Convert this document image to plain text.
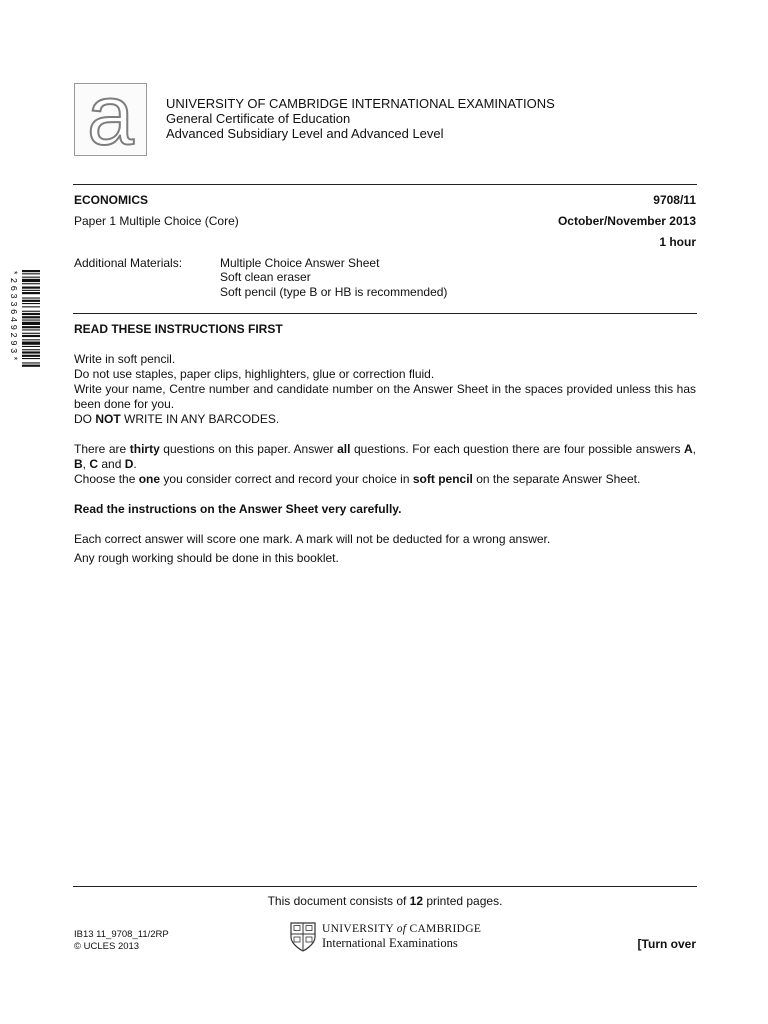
a UNIVERSITY OF CAMBRIDGE INTERNATIONAL EXAMINATIONS
General Certificate of Education
Advanced Subsidiary Level and Advanced Level
ECONOMICS	9708/11
Paper 1 Multiple Choice (Core)	October/November 2013
1 hour
Additional Materials:	Multiple Choice Answer Sheet
Soft clean eraser
Soft pencil (type B or HB is recommended)
*2633649293*	READ THESE INSTRUCTIONS FIRST
Write in soft pencil.
Do not use staples, paper clips, highlighters, glue or correction fluid.
Write your name, Centre number and candidate number on the Answer Sheet in the spaces provided unless this has been done for you.
DO NOT WRITE IN ANY BARCODES.
There are thirty questions on this paper. Answer all questions. For each question there are four possible answers A, B, C and D.
Choose the one you consider correct and record your choice in soft pencil on the separate Answer Sheet.
Read the instructions on the Answer Sheet very carefully.
Each correct answer will score one mark. A mark will not be deducted for a wrong answer.
Any rough working should be done in this booklet.
This document consists of 12 printed pages.
IB13 11_9708_11/2RP
© UCLES 2013
UNIVERSITY of CAMBRIDGE
International Examinations	[Turn over
